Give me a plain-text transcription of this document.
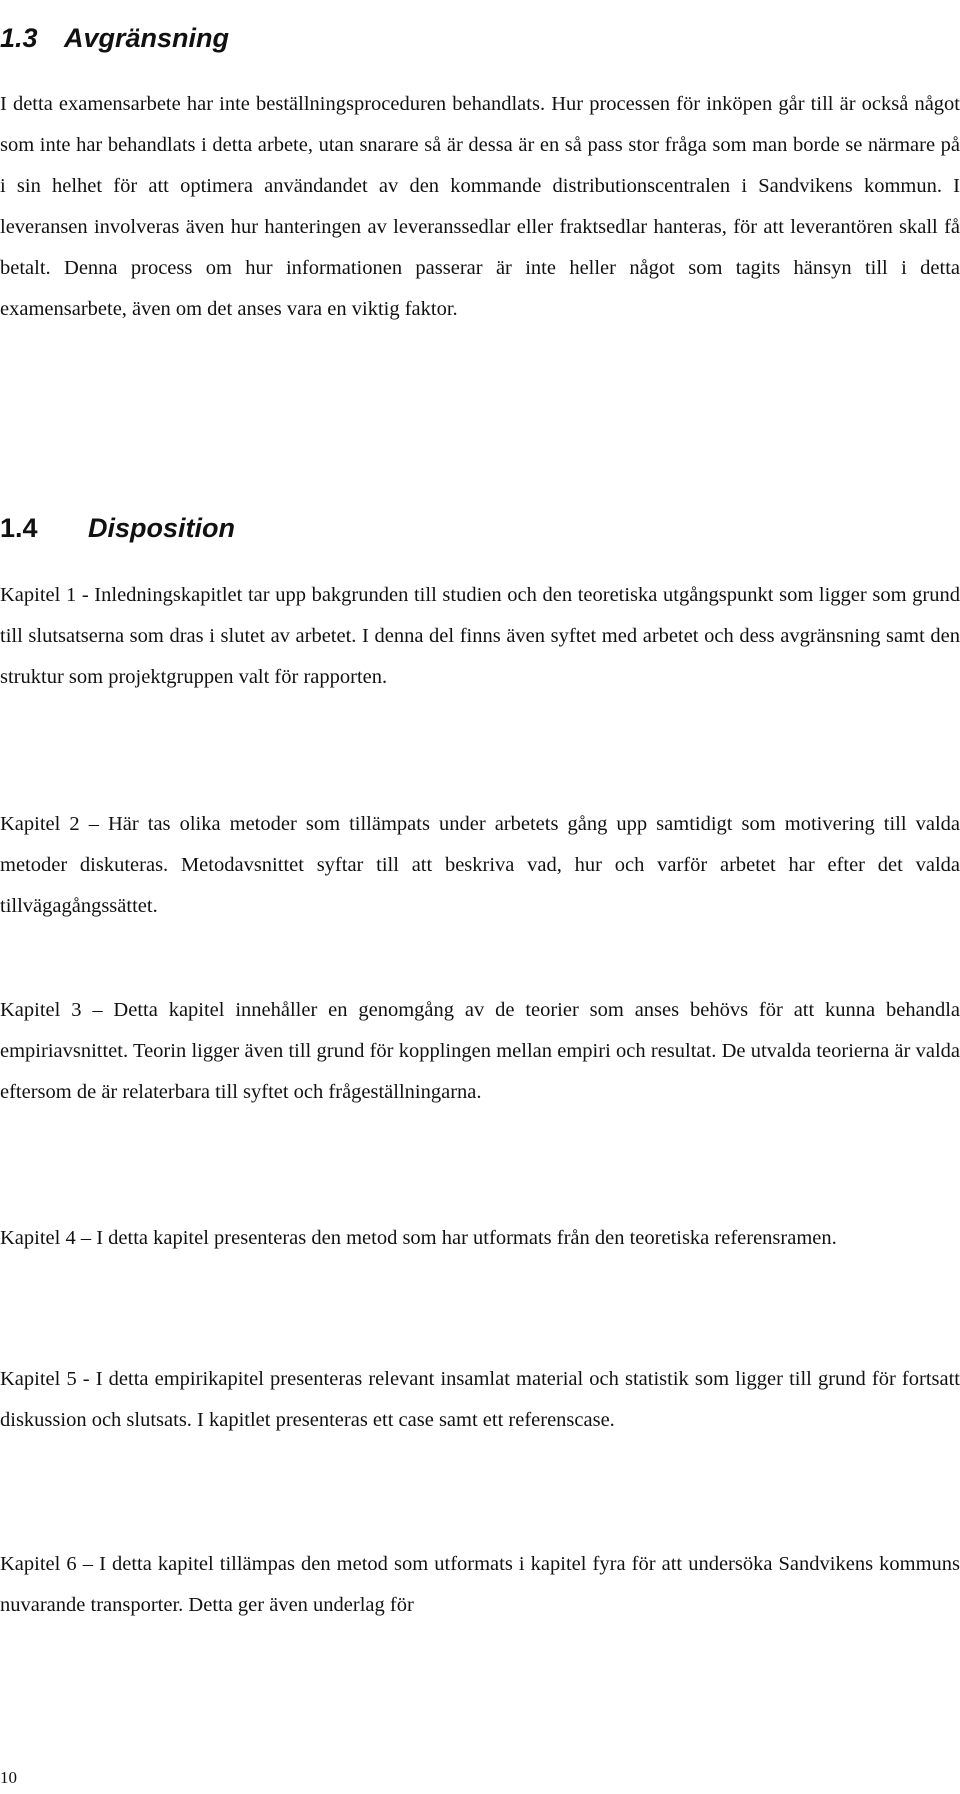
1.3 Avgränsning

I detta examensarbete har inte beställningsproceduren behandlats. Hur processen för inköpen går till är också något som inte har behandlats i detta arbete, utan snarare så är dessa är en så pass stor fråga som man borde se närmare på i sin helhet för att optimera användandet av den kommande distributionscentralen i Sandvikens kommun. I leveransen involveras även hur hanteringen av leveranssedlar eller fraktsedlar hanteras, för att leverantören skall få betalt. Denna process om hur informationen passerar är inte heller något som tagits hänsyn till i detta examensarbete, även om det anses vara en viktig faktor.

1.4 Disposition

Kapitel 1 - Inledningskapitlet tar upp bakgrunden till studien och den teoretiska utgångspunkt som ligger som grund till slutsatserna som dras i slutet av arbetet. I denna del finns även syftet med arbetet och dess avgränsning samt den struktur som projektgruppen valt för rapporten.

Kapitel 2 – Här tas olika metoder som tillämpats under arbetets gång upp samtidigt som motivering till valda metoder diskuteras. Metodavsnittet syftar till att beskriva vad, hur och varför arbetet har efter det valda tillvägagångssättet.

Kapitel 3 – Detta kapitel innehåller en genomgång av de teorier som anses behövs för att kunna behandla empiriavsnittet. Teorin ligger även till grund för kopplingen mellan empiri och resultat. De utvalda teorierna är valda eftersom de är relaterbara till syftet och frågeställningarna.

Kapitel 4 – I detta kapitel presenteras den metod som har utformats från den teoretiska referensramen.

Kapitel 5 - I detta empirikapitel presenteras relevant insamlat material och statistik som ligger till grund för fortsatt diskussion och slutsats. I kapitlet presenteras ett case samt ett referenscase.

Kapitel 6 – I detta kapitel tillämpas den metod som utformats i kapitel fyra för att undersöka Sandvikens kommuns nuvarande transporter. Detta ger även underlag för

10
